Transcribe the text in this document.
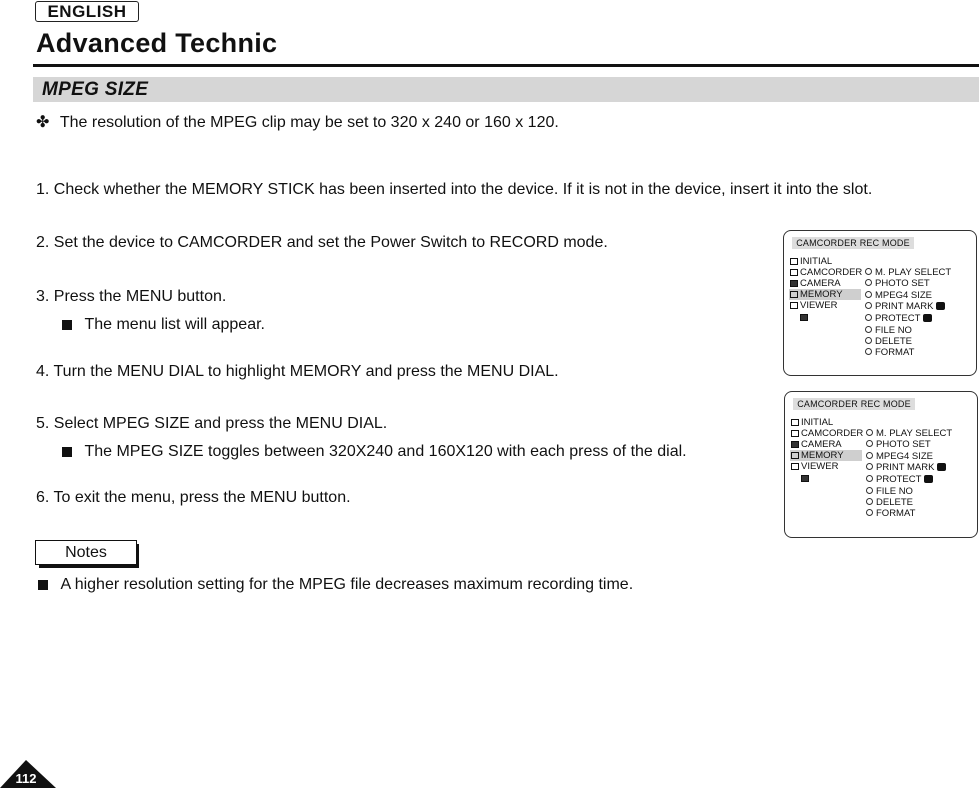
ENGLISH
Advanced Technic
MPEG SIZE
✤ The resolution of the MPEG clip may be set to 320 x 240 or 160 x 120.
1. Check whether the MEMORY STICK has been inserted into the device. If it is not in the device, insert it into the slot.
2. Set the device to CAMCORDER and set the Power Switch to RECORD mode.
3. Press the MENU button.
The menu list will appear.
4. Turn the MENU DIAL to highlight MEMORY and press the MENU DIAL.
5. Select MPEG SIZE and press the MENU DIAL.
The MPEG SIZE toggles between 320X240 and 160X120 with each press of the dial.
6. To exit the menu, press the MENU button.
Notes
A higher resolution setting for the MPEG file decreases maximum recording time.
112
CAMCORDER REC MODE
INITIAL
CAMCORDER
CAMERA
MEMORY
VIEWER
M. PLAY SELECT
PHOTO SET
MPEG4 SIZE
PRINT MARK
PROTECT
FILE NO
DELETE
FORMAT
CAMCORDER REC MODE
INITIAL
CAMCORDER
CAMERA
MEMORY
VIEWER
M. PLAY SELECT
PHOTO SET
MPEG4 SIZE
PRINT MARK
PROTECT
FILE NO
DELETE
FORMAT
